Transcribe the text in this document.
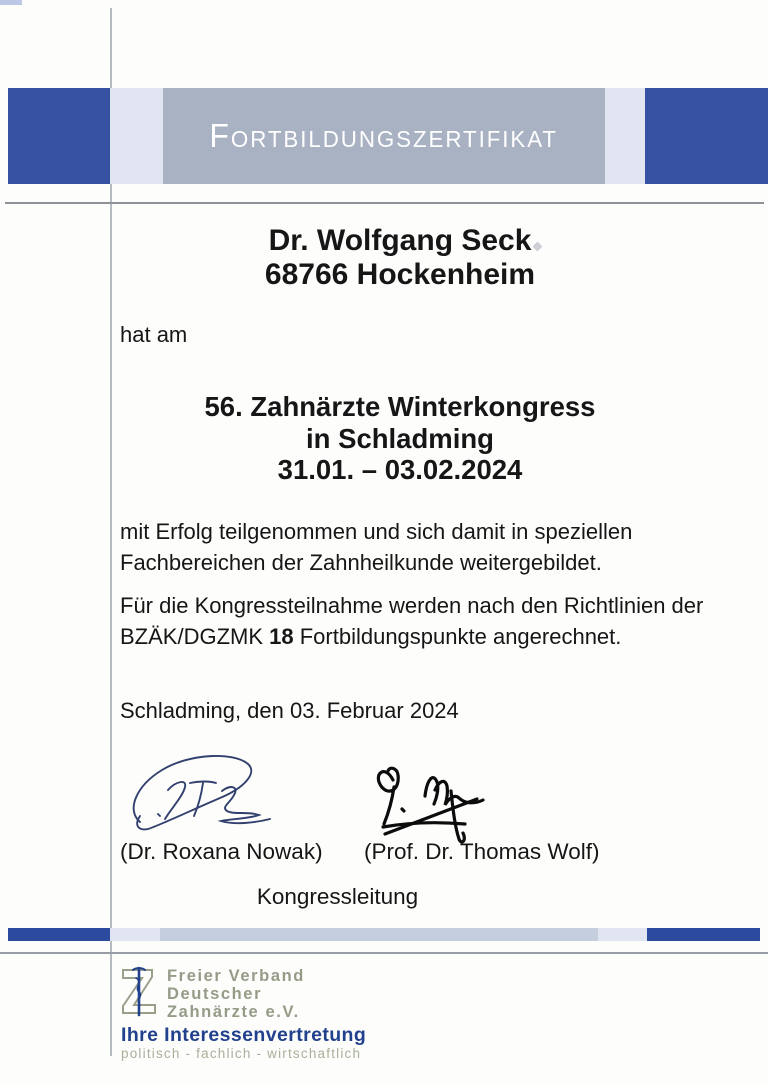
Fortbildungszertifikat
Dr. Wolfgang Seck
68766 Hockenheim
hat am
56. Zahnärzte Winterkongress
in Schladming
31.01. – 03.02.2024
mit Erfolg teilgenommen und sich damit in speziellen
Fachbereichen der Zahnheilkunde weitergebildet.
Für die Kongressteilnahme werden nach den Richtlinien der
BZÄK/DGZMK 18 Fortbildungspunkte angerechnet.
Schladming, den 03. Februar 2024
(Dr. Roxana Nowak) (Prof. Dr. Thomas Wolf)
Kongressleitung
Freier Verband
Deutscher
Zahnärzte e.V.
Ihre Interessenvertretung
politisch - fachlich - wirtschaftlich
